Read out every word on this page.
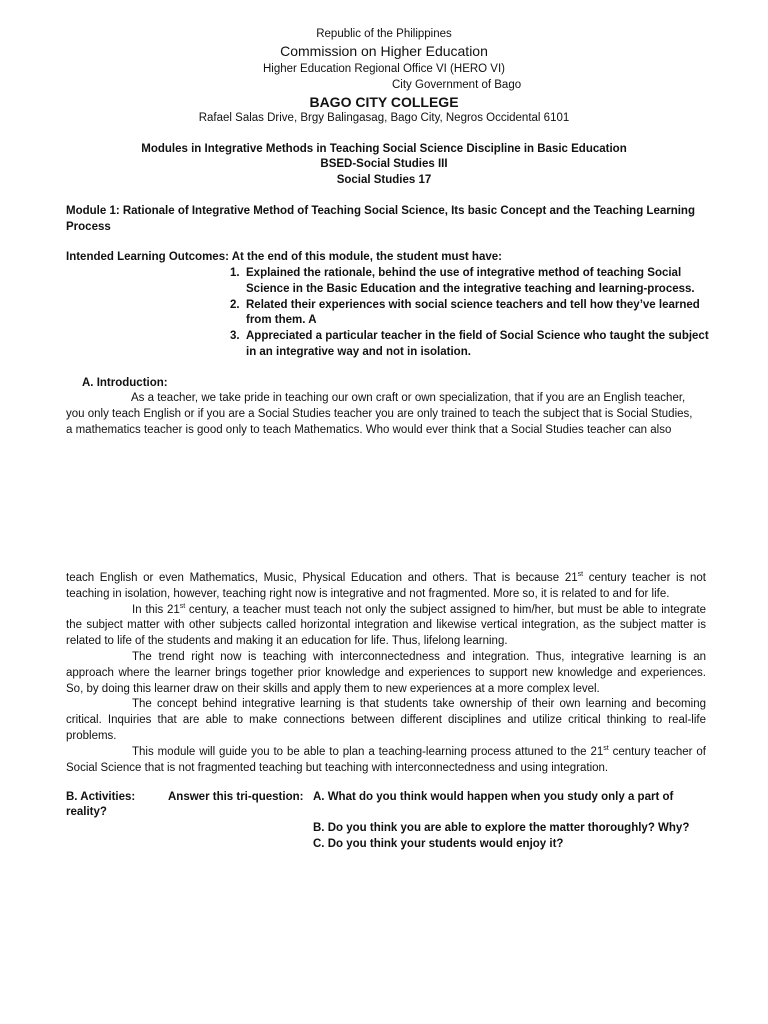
Republic of the Philippines
Commission on Higher Education
Higher Education Regional Office VI (HERO VI)
City Government of Bago
BAGO CITY COLLEGE
Rafael Salas Drive, Brgy Balingasag, Bago City, Negros Occidental 6101
Modules in Integrative Methods in Teaching Social Science Discipline in Basic Education
BSED-Social Studies III
Social Studies 17
Module 1: Rationale of Integrative Method of Teaching Social Science, Its basic Concept and the Teaching Learning
Process
Intended Learning Outcomes: At the end of this module, the student must have:
1. Explained the rationale, behind the use of integrative method of teaching Social
Science in the Basic Education and the integrative teaching and learning-process.
2. Related their experiences with social science teachers and tell how they’ve learned
from them. A
3. Appreciated a particular teacher in the field of Social Science who taught the subject
in an integrative way and not in isolation.
A. Introduction:
As a teacher, we take pride in teaching our own craft or own specialization, that if you are an English teacher,
you only teach English or if you are a Social Studies teacher you are only trained to teach the subject that is Social Studies,
a mathematics teacher is good only to teach Mathematics. Who would ever think that a Social Studies teacher can also

teach English or even Mathematics, Music, Physical Education and others. That is because 21st century teacher is not teaching in isolation, however, teaching right now is integrative and not fragmented. More so, it is related to and for life.

In this 21st century, a teacher must teach not only the subject assigned to him/her, but must be able to integrate the subject matter with other subjects called horizontal integration and likewise vertical integration, as the subject matter is related to life of the students and making it an education for life. Thus, lifelong learning.

The trend right now is teaching with interconnectedness and integration. Thus, integrative learning is an approach where the learner brings together prior knowledge and experiences to support new knowledge and experiences. So, by doing this learner draw on their skills and apply them to new experiences at a more complex level.

The concept behind integrative learning is that students take ownership of their own learning and becoming critical. Inquiries that are able to make connections between different disciplines and utilize critical thinking to real-life problems.

This module will guide you to be able to plan a teaching-learning process attuned to the 21st century teacher of Social Science that is not fragmented teaching but teaching with interconnectedness and using integration.

B. Activities:	Answer this tri-question: A. What do you think would happen when you study only a part of
reality?
B. Do you think you are able to explore the matter thoroughly? Why?
C. Do you think your students would enjoy it?
